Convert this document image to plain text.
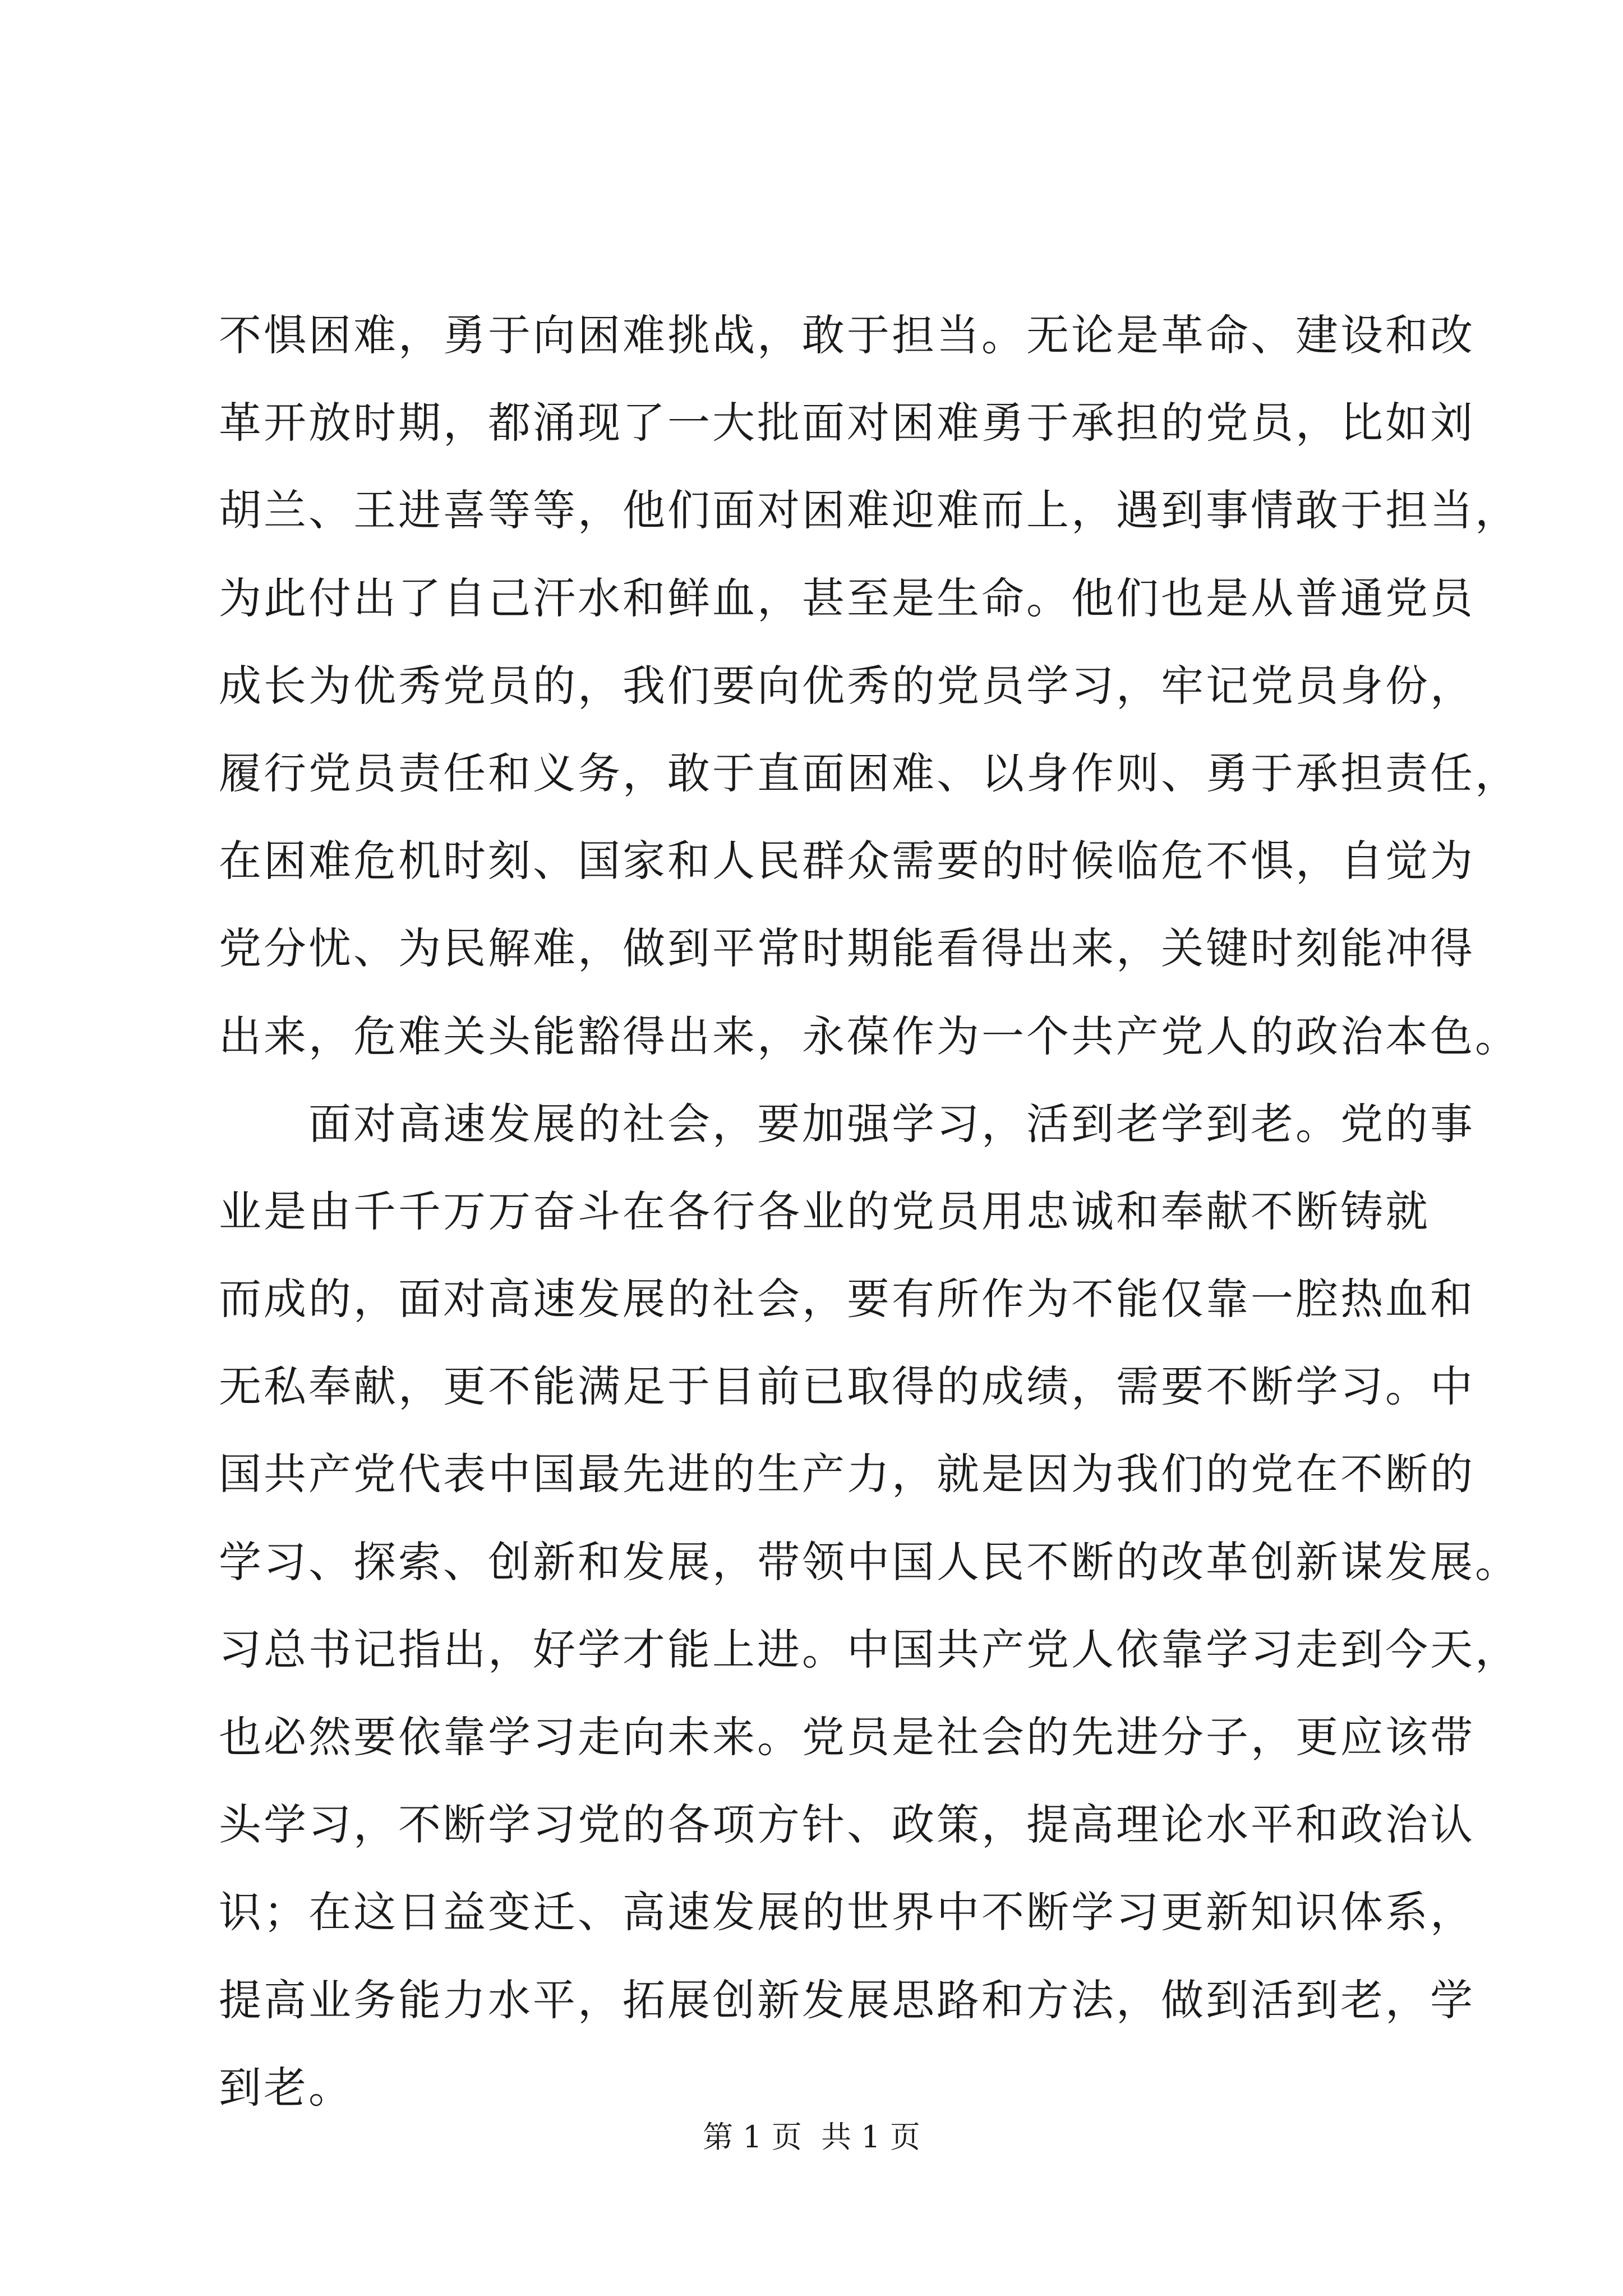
不惧困难，勇于向困难挑战，敢于担当。无论是革命、建设和改
革开放时期，都涌现了一大批面对困难勇于承担的党员，比如刘
胡兰、王进喜等等，他们面对困难迎难而上，遇到事情敢于担当，
为此付出了自己汗水和鲜血，甚至是生命。他们也是从普通党员
成长为优秀党员的，我们要向优秀的党员学习，牢记党员身份，
履行党员责任和义务，敢于直面困难、以身作则、勇于承担责任，
在困难危机时刻、国家和人民群众需要的时候临危不惧，自觉为
党分忧、为民解难，做到平常时期能看得出来，关键时刻能冲得
出来，危难关头能豁得出来，永葆作为一个共产党人的政治本色。
　　面对高速发展的社会，要加强学习，活到老学到老。党的事
业是由千千万万奋斗在各行各业的党员用忠诚和奉献不断铸就
而成的，面对高速发展的社会，要有所作为不能仅靠一腔热血和
无私奉献，更不能满足于目前已取得的成绩，需要不断学习。中
国共产党代表中国最先进的生产力，就是因为我们的党在不断的
学习、探索、创新和发展，带领中国人民不断的改革创新谋发展。
习总书记指出，好学才能上进。中国共产党人依靠学习走到今天，
也必然要依靠学习走向未来。党员是社会的先进分子，更应该带
头学习，不断学习党的各项方针、政策，提高理论水平和政治认
识；在这日益变迁、高速发展的世界中不断学习更新知识体系，
提高业务能力水平，拓展创新发展思路和方法，做到活到老，学
到老。
第 1 页  共 1 页
